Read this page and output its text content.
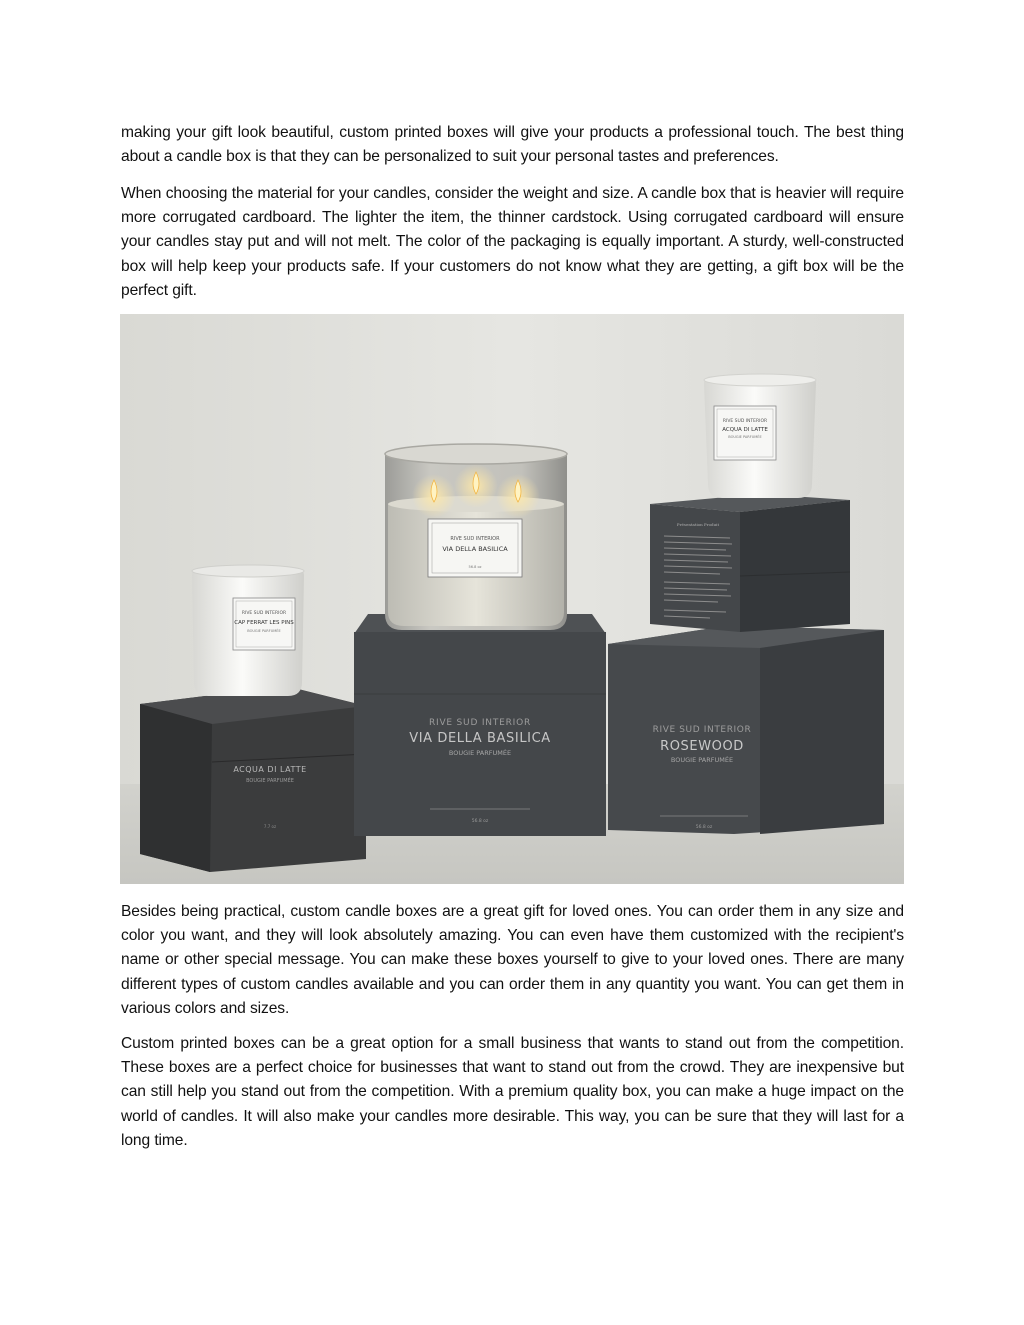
making your gift look beautiful, custom printed boxes will give your products a professional touch. The best thing about a candle box is that they can be personalized to suit your personal tastes and preferences.

When choosing the material for your candles, consider the weight and size. A candle box that is heavier will require more corrugated cardboard. The lighter the item, the thinner cardstock. Using corrugated cardboard will ensure your candles stay put and will not melt. The color of the packaging is equally important. A sturdy, well-constructed box will help keep your products safe. If your customers do not know what they are getting, a gift box will be the perfect gift.

ACQUA DI LATTE
BOUGIE PARFUMÉE
7.7 oz
RIVE SUD INTERIOR
CAP FERRAT LES PINS
BOUGIE PARFUMÉE
RIVE SUD INTERIOR
VIA DELLA BASILICA
BOUGIE PARFUMÉE
56.8 oz
RIVE SUD INTERIOR
VIA DELLA BASILICA
56.8 oz
RIVE SUD INTERIOR
ROSEWOOD
BOUGIE PARFUMÉE
56.8 oz
Présentation Produit
RIVE SUD INTERIOR
ACQUA DI LATTE
BOUGIE PARFUMÉE

Besides being practical, custom candle boxes are a great gift for loved ones. You can order them in any size and color you want, and they will look absolutely amazing. You can even have them customized with the recipient's name or other special message. You can make these boxes yourself to give to your loved ones. There are many different types of custom candles available and you can order them in any quantity you want. You can get them in various colors and sizes.

Custom printed boxes can be a great option for a small business that wants to stand out from the competition. These boxes are a perfect choice for businesses that want to stand out from the crowd. They are inexpensive but can still help you stand out from the competition. With a premium quality box, you can make a huge impact on the world of candles. It will also make your candles more desirable. This way, you can be sure that they will last for a long time.
